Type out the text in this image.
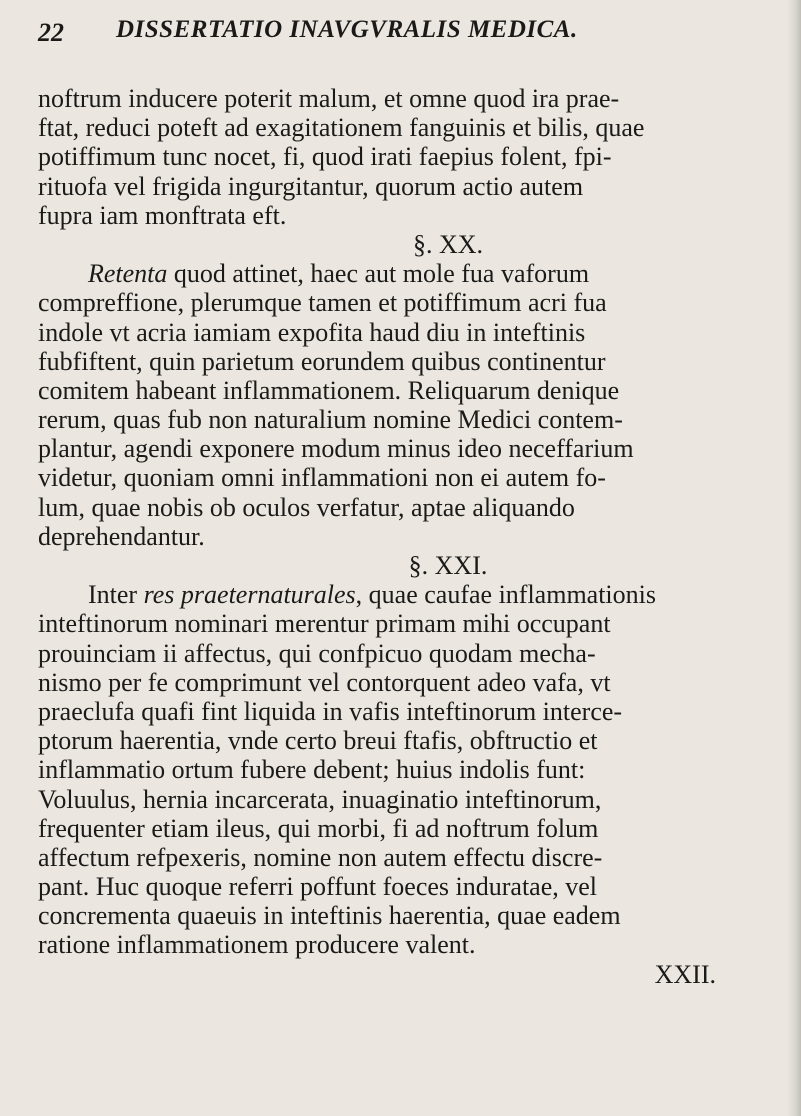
22 DISSERTATIO INAVGVRALIS MEDICA.
noftrum inducere poterit malum, et omne quod ira prae-
ftat, reduci poteft ad exagitationem fanguinis et bilis, quae
potiffimum tunc nocet, fi, quod irati faepius folent, fpi-
rituofa vel frigida ingurgitantur, quorum actio autem
fupra iam monftrata eft.
§. XX.
Retenta quod attinet, haec aut mole fua vaforum
compreffione, plerumque tamen et potiffimum acri fua
indole vt acria iamiam expofita haud diu in inteftinis
fubfiftent, quin parietum eorundem quibus continentur
comitem habeant inflammationem. Reliquarum denique
rerum, quas fub non naturalium nomine Medici contem-
plantur, agendi exponere modum minus ideo neceffarium
videtur, quoniam omni inflammationi non ei autem fo-
lum, quae nobis ob oculos verfatur, aptae aliquando
deprehendantur.
§. XXI.
Inter res praeternaturales, quae caufae inflammationis
inteftinorum nominari merentur primam mihi occupant
prouinciam ii affectus, qui confpicuo quodam mecha-
nismo per fe comprimunt vel contorquent adeo vafa, vt
praeclufa quafi fint liquida in vafis inteftinorum interce-
ptorum haerentia, vnde certo breui ftafis, obftructio et
inflammatio ortum fubere debent; huius indolis funt:
Voluulus, hernia incarcerata, inuaginatio inteftinorum,
frequenter etiam ileus, qui morbi, fi ad noftrum folum
affectum refpexeris, nomine non autem effectu discre-
pant. Huc quoque referri poffunt foeces induratae, vel
concrementa quaeuis in inteftinis haerentia, quae eadem
ratione inflammationem producere valent.
XXII.
